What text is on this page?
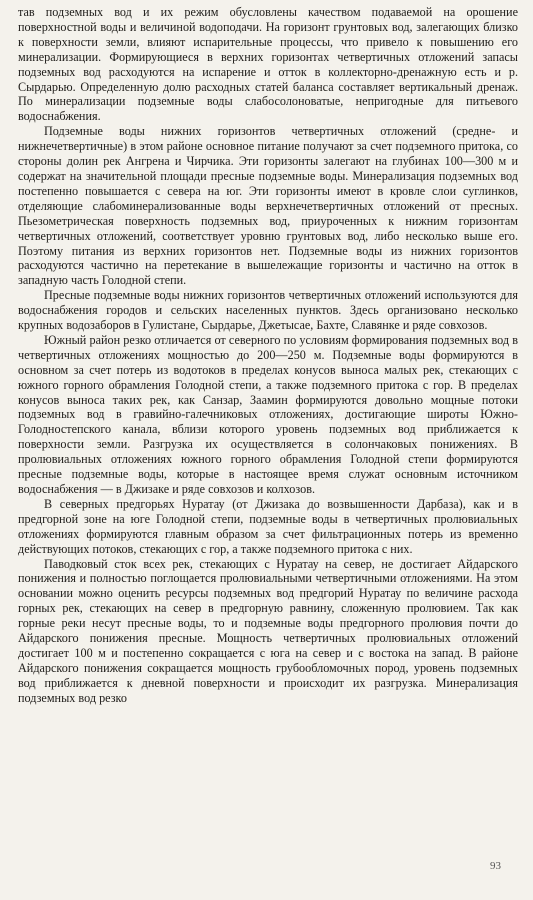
тав подземных вод и их режим обусловлены качеством подаваемой на орошение поверхностной воды и величиной водоподачи. На горизонт грунтовых вод, залегающих близко к поверхности земли, влияют испарительные процессы, что привело к повышению его минерализации. Формирующиеся в верхних горизонтах четвертичных отложений запасы подземных вод расходуются на испарение и отток в коллекторно-дренажную есть и р. Сырдарью. Определенную долю расходных статей баланса составляет вертикальный дренаж. По минерализации подземные воды слабосолоноватые, непригодные для питьевого водоснабжения.

Подземные воды нижних горизонтов четвертичных отложений (средне- и нижнечетвертичные) в этом районе основное питание получают за счет подземного притока, со стороны долин рек Ангрена и Чирчика. Эти горизонты залегают на глубинах 100—300 м и содержат на значительной площади пресные подземные воды. Минерализация подземных вод постепенно повышается с севера на юг. Эти горизонты имеют в кровле слои суглинков, отделяющие слабоминерализованные воды верхнечетвертичных отложений от пресных. Пьезометрическая поверхность подземных вод, приуроченных к нижним горизонтам четвертичных отложений, соответствует уровню грунтовых вод, либо несколько выше его. Поэтому питания из верхних горизонтов нет. Подземные воды из нижних горизонтов расходуются частично на перетекание в вышележащие горизонты и частично на отток в западную часть Голодной степи.

Пресные подземные воды нижних горизонтов четвертичных отложений используются для водоснабжения городов и сельских населенных пунктов. Здесь организовано несколько крупных водозаборов в Гулистане, Сырдарье, Джетысае, Бахте, Славянке и ряде совхозов.

Южный район резко отличается от северного по условиям формирования подземных вод в четвертичных отложениях мощностью до 200—250 м. Подземные воды формируются в основном за счет потерь из водотоков в пределах конусов выноса малых рек, стекающих с южного горного обрамления Голодной степи, а также подземного притока с гор. В пределах конусов выноса таких рек, как Санзар, Заамин формируются довольно мощные потоки подземных вод в гравийно-галечниковых отложениях, достигающие широты Южно-Голодностепского канала, вблизи которого уровень подземных вод приближается к поверхности земли. Разгрузка их осуществляется в солончаковых понижениях. В пролювиальных отложениях южного горного обрамления Голодной степи формируются пресные подземные воды, которые в настоящее время служат основным источником водоснабжения — в Джизаке и ряде совхозов и колхозов.

В северных предгорьях Нуратау (от Джизака до возвышенности Дарбаза), как и в предгорной зоне на юге Голодной степи, подземные воды в четвертичных пролювиальных отложениях формируются главным образом за счет фильтрационных потерь из временно действующих потоков, стекающих с гор, а также подземного притока с них.

Паводковый сток всех рек, стекающих с Нуратау на север, не достигает Айдарского понижения и полностью поглощается пролювиальными четвертичными отложениями. На этом основании можно оценить ресурсы подземных вод предгорий Нуратау по величине расхода горных рек, стекающих на север в предгорную равнину, сложенную пролювием. Так как горные реки несут пресные воды, то и подземные воды предгорного пролювия почти до Айдарского понижения пресные. Мощность четвертичных пролювиальных отложений достигает 100 м и постепенно сокращается с юга на север и с востока на запад. В районе Айдарского понижения сокращается мощность грубообломочных пород, уровень подземных вод приближается к дневной поверхности и происходит их разгрузка. Минерализация подземных вод резко

93
